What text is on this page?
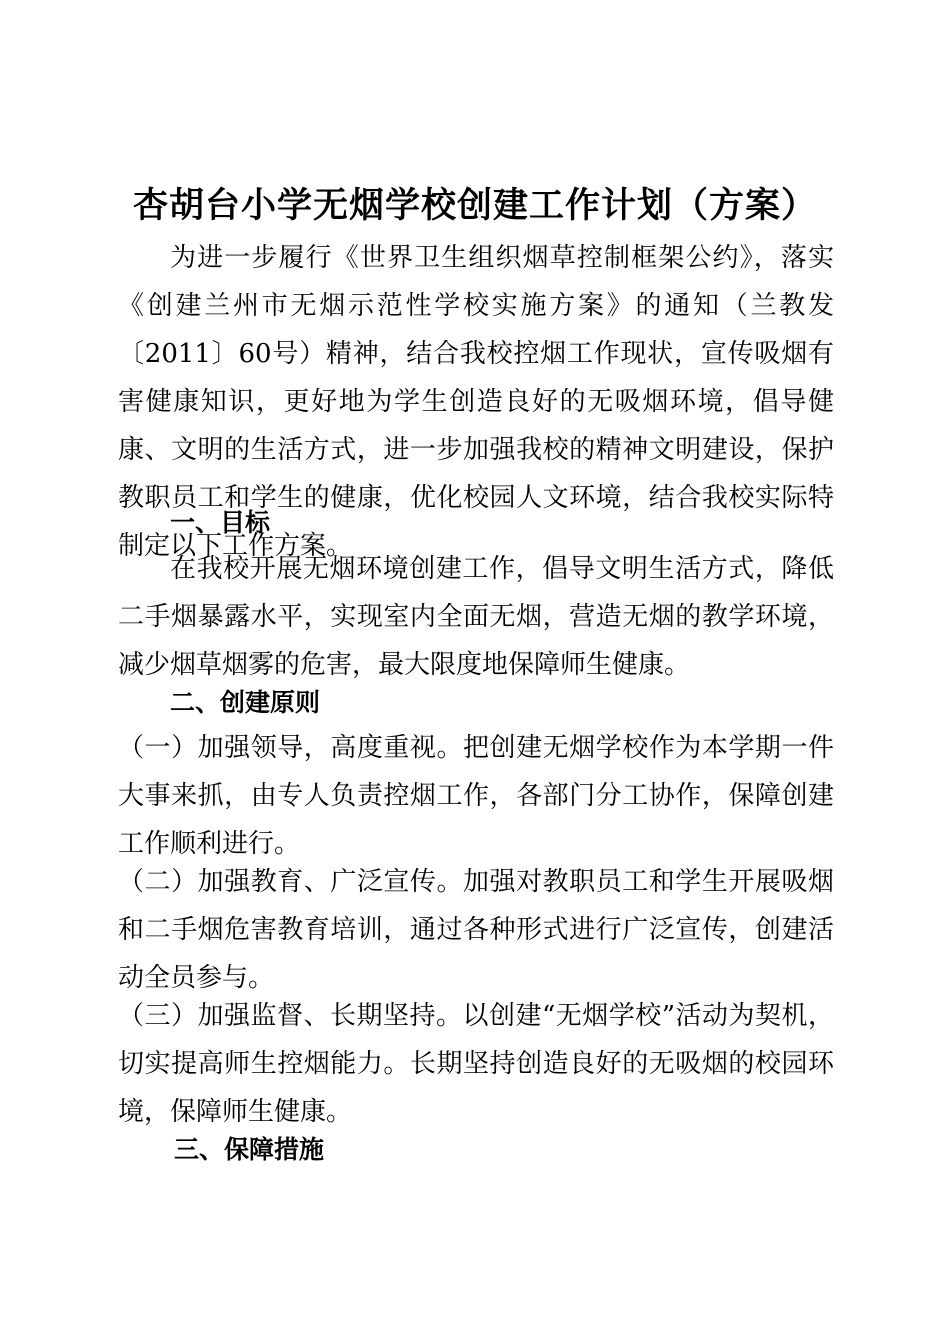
杏胡台小学无烟学校创建工作计划（方案）

为进一步履行《世界卫生组织烟草控制框架公约》，落实《创建兰州市无烟示范性学校实施方案》的通知（兰教发〔2011〕60号）精神，结合我校控烟工作现状，宣传吸烟有害健康知识，更好地为学生创造良好的无吸烟环境，倡导健康、文明的生活方式，进一步加强我校的精神文明建设，保护教职员工和学生的健康，优化校园人文环境，结合我校实际特制定以下工作方案。

一、目标

在我校开展无烟环境创建工作，倡导文明生活方式，降低二手烟暴露水平，实现室内全面无烟，营造无烟的教学环境，减少烟草烟雾的危害，最大限度地保障师生健康。

二、创建原则

（一）加强领导，高度重视。把创建无烟学校作为本学期一件大事来抓，由专人负责控烟工作，各部门分工协作，保障创建工作顺利进行。

（二）加强教育、广泛宣传。加强对教职员工和学生开展吸烟和二手烟危害教育培训，通过各种形式进行广泛宣传，创建活动全员参与。

（三）加强监督、长期坚持。以创建“无烟学校”活动为契机，切实提高师生控烟能力。长期坚持创造良好的无吸烟的校园环境，保障师生健康。

三、保障措施
